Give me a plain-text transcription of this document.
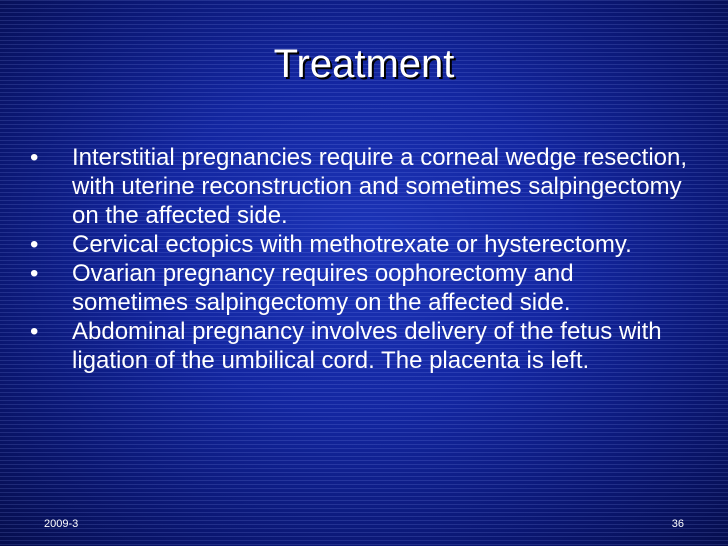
Treatment
•	Interstitial pregnancies require a corneal wedge resection, with uterine reconstruction and sometimes salpingectomy on the affected side.
•	Cervical ectopics with methotrexate or hysterectomy.
•	Ovarian pregnancy requires oophorectomy and sometimes salpingectomy on the affected side.
•	Abdominal pregnancy involves delivery of the fetus with ligation of the umbilical cord. The placenta is left.
2009-3	36
